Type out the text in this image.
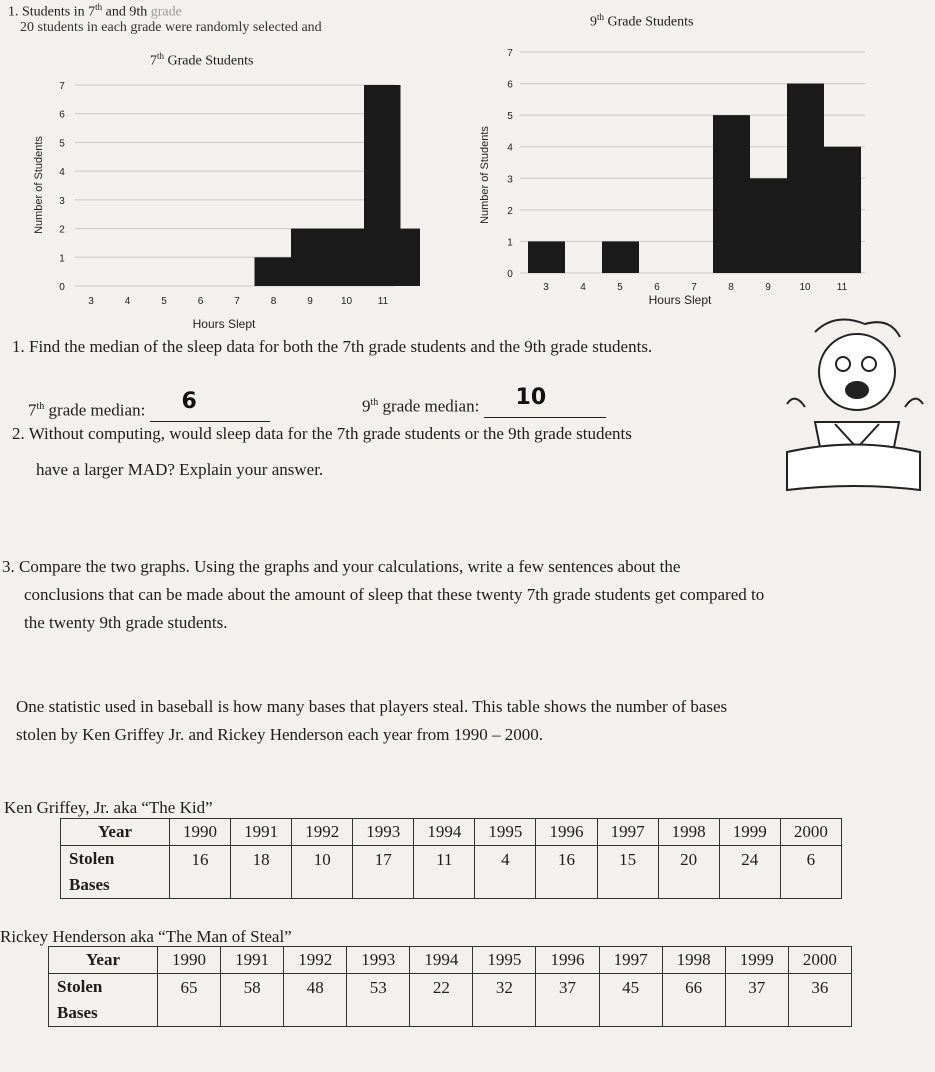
1. Students in 7th and 9th grade
20 students in each grade were randomly selected and
7th Grade Students
0
1
2
3
4
5
6
7
3	4	5	6	7	8	9	10	11
Hours Slept
Number of Students
9th Grade Students
0
1
2
3
4
5
6
7
3	4	5	6	7	8	9	10	11
Hours Slept
Number of Students
1. Find the median of the sleep data for both the 7th grade students and the 9th grade students.
7th grade median: 6	9th grade median: 10
2. Without computing, would sleep data for the 7th grade students or the 9th grade students
have a larger MAD? Explain your answer.
3. Compare the two graphs. Using the graphs and your calculations, write a few sentences about the
conclusions that can be made about the amount of sleep that these twenty 7th grade students get compared to
the twenty 9th grade students.
One statistic used in baseball is how many bases that players steal. This table shows the number of bases
stolen by Ken Griffey Jr. and Rickey Henderson each year from 1990 – 2000.
Ken Griffey, Jr. aka “The Kid”
Year	1990	1991	1992	1993	1994	1995	1996	1997	1998	1999	2000
Stolen
Bases	16	18	10	17	11	4	16	15	20	24	6
Rickey Henderson aka “The Man of Steal”
Year	1990	1991	1992	1993	1994	1995	1996	1997	1998	1999	2000
Stolen
Bases	65	58	48	53	22	32	37	45	66	37	36
